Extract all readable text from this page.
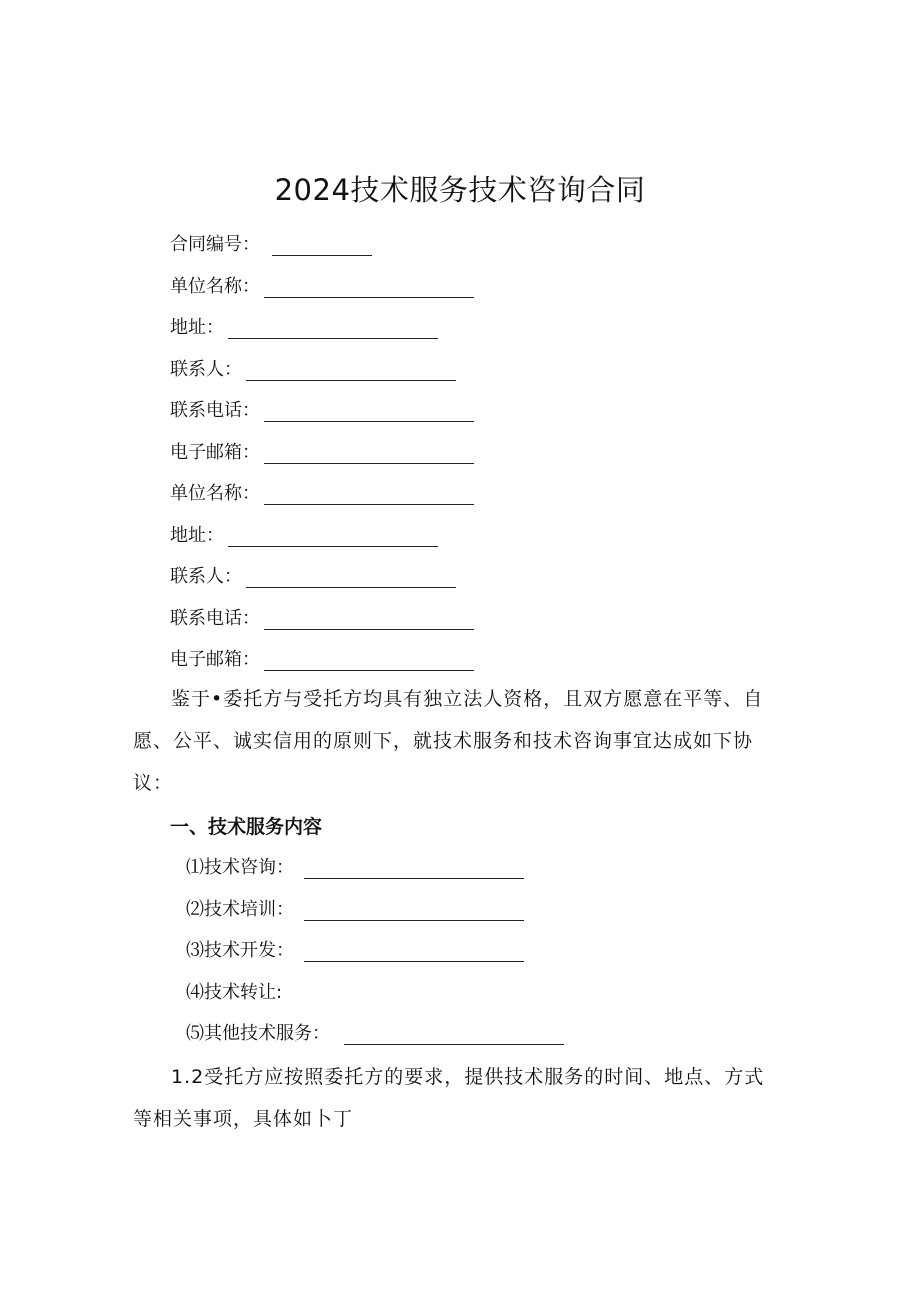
2024技术服务技术咨询合同
合同编号：
单位名称：
地址：
联系人：
联系电话：
电子邮箱：
单位名称：
地址：
联系人：
联系电话：
电子邮箱：
鉴于•委托方与受托方均具有独立法人资格，且双方愿意在平等、自愿、公平、诚实信用的原则下，就技术服务和技术咨询事宜达成如下协议：
一、技术服务内容
⑴技术咨询：
⑵技术培训：
⑶技术开发：
⑷技术转让:
⑸其他技术服务：
1.2受托方应按照委托方的要求，提供技术服务的时间、地点、方式等相关事项，具体如卜丁
